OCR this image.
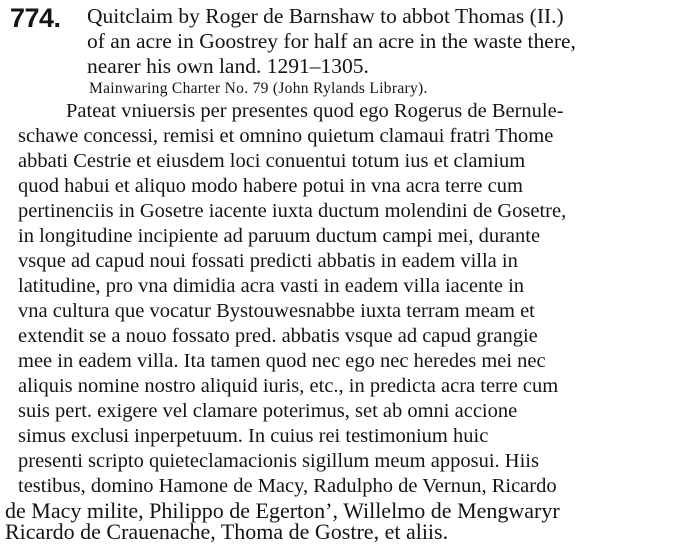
774. Quitclaim by Roger de Barnshaw to abbot Thomas (II.)
of an acre in Goostrey for half an acre in the waste there,
nearer his own land. 1291–1305.
Mainwaring Charter No. 79 (John Rylands Library).
Pateat vniuersis per presentes quod ego Rogerus de Bernule-
schawe concessi, remisi et omnino quietum clamaui fratri Thome
abbati Cestrie et eiusdem loci conuentui totum ius et clamium
quod habui et aliquo modo habere potui in vna acra terre cum
pertinenciis in Gosetre iacente iuxta ductum molendini de Gosetre,
in longitudine incipiente ad paruum ductum campi mei, durante
vsque ad capud noui fossati predicti abbatis in eadem villa in
latitudine, pro vna dimidia acra vasti in eadem villa iacente in
vna cultura que vocatur Bystouwesnabbe iuxta terram meam et
extendit se a nouo fossato pred. abbatis vsque ad capud grangie
mee in eadem villa. Ita tamen quod nec ego nec heredes mei nec
aliquis nomine nostro aliquid iuris, etc., in predicta acra terre cum
suis pert. exigere vel clamare poterimus, set ab omni accione
simus exclusi inperpetuum. In cuius rei testimonium huic
presenti scripto quieteclamacionis sigillum meum apposui. Hiis
testibus, domino Hamone de Macy, Radulpho de Vernun, Ricardo
de Macy milite, Philippo de Egerton’, Willelmo de Mengwaryr
Ricardo de Crauenache, Thoma de Gostre, et aliis.
